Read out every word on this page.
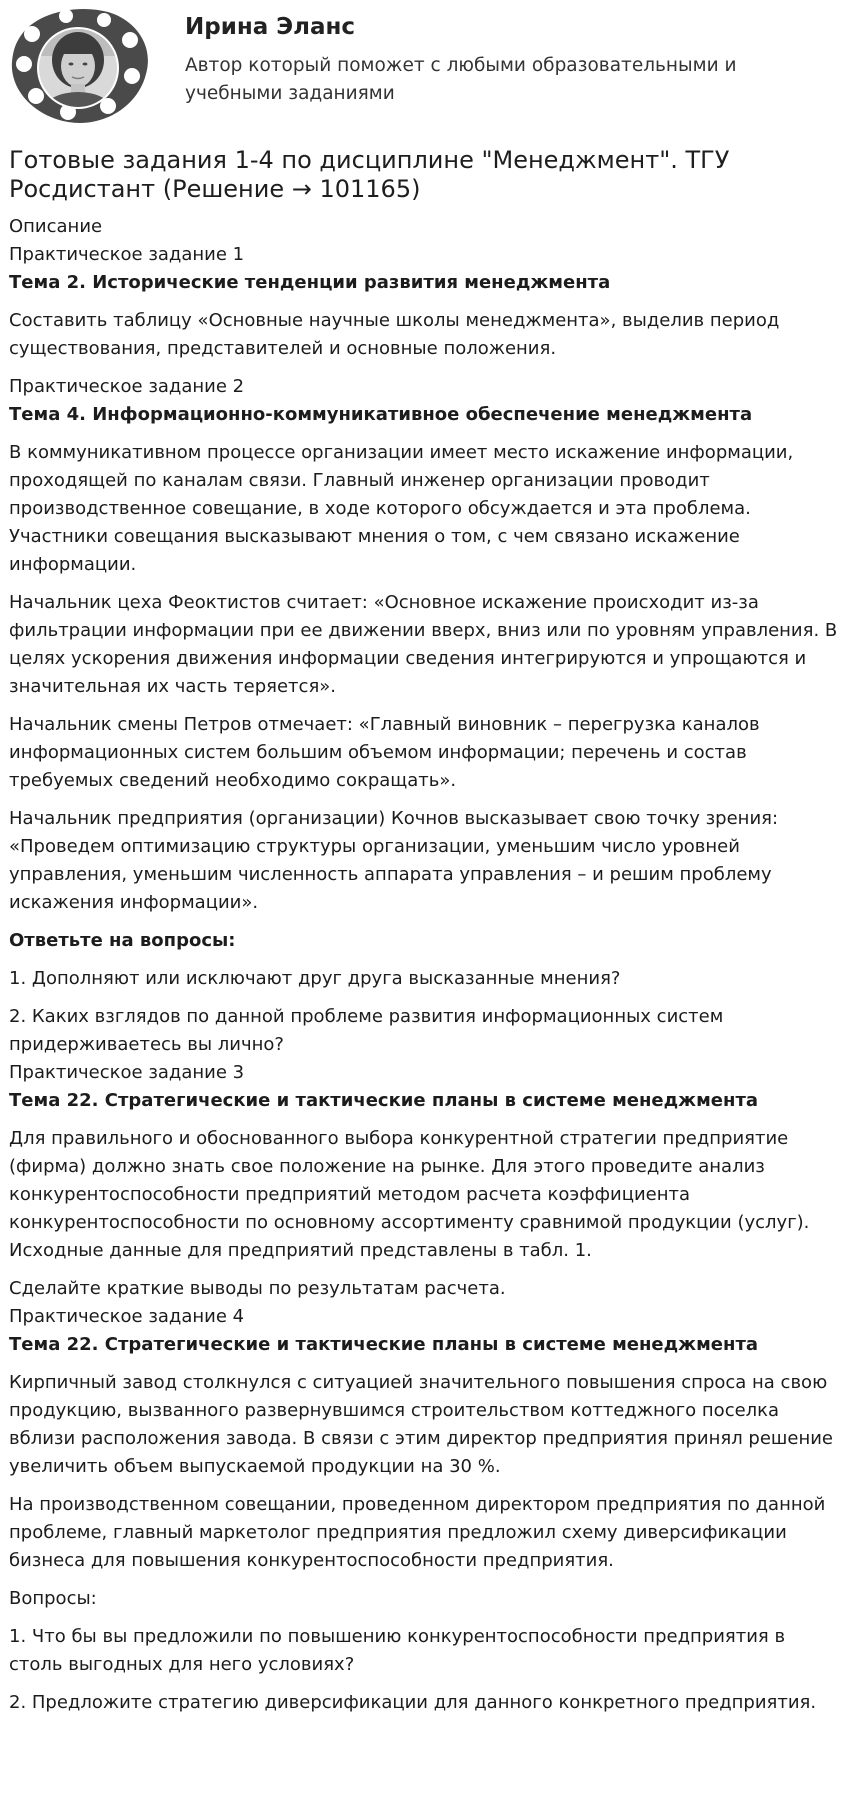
Ирина Эланс
Автор который поможет с любыми образовательными и учебными заданиями
Готовые задания 1-4 по дисциплине "Менеджмент". ТГУ Росдистант (Решение → 101165)

Описание

Практическое задание 1

Тема 2. Исторические тенденции развития менеджмента

Составить таблицу «Основные научные школы менеджмента», выделив период существования, представителей и основные положения.

Практическое задание 2

Тема 4. Информационно-коммуникативное обеспечение менеджмента

В коммуникативном процессе организации имеет место искажение информации, проходящей по каналам связи. Главный инженер организации проводит производственное совещание, в ходе которого обсуждается и эта проблема. Участники совещания высказывают мнения о том, с чем связано искажение информации.

Начальник цеха Феоктистов считает: «Основное искажение происходит из-за фильтрации информации при ее движении вверх, вниз или по уровням управления. В целях ускорения движения информации сведения интегрируются и упрощаются и значительная их часть теряется».

Начальник смены Петров отмечает: «Главный виновник – перегрузка каналов информационных систем большим объемом информации; перечень и состав требуемых сведений необходимо сокращать».

Начальник предприятия (организации) Кочнов высказывает свою точку зрения: «Проведем оптимизацию структуры организации, уменьшим число уровней управления, уменьшим численность аппарата управления – и решим проблему искажения информации».

Ответьте на вопросы:

1. Дополняют или исключают друг друга высказанные мнения?

2. Каких взглядов по данной проблеме развития информационных систем придерживаетесь вы лично?

Практическое задание 3

Тема 22. Стратегические и тактические планы в системе менеджмента

Для правильного и обоснованного выбора конкурентной стратегии предприятие (фирма) должно знать свое положение на рынке. Для этого проведите анализ конкурентоспособности предприятий методом расчета коэффициента конкурентоспособности по основному ассортименту сравнимой продукции (услуг). Исходные данные для предприятий представлены в табл. 1.

Сделайте краткие выводы по результатам расчета.

Практическое задание 4

Тема 22. Стратегические и тактические планы в системе менеджмента

Кирпичный завод столкнулся с ситуацией значительного повышения спроса на свою продукцию, вызванного развернувшимся строительством коттеджного поселка вблизи расположения завода. В связи с этим директор предприятия принял решение увеличить объем выпускаемой продукции на 30 %.

На производственном совещании, проведенном директором предприятия по данной проблеме, главный маркетолог предприятия предложил схему диверсификации бизнеса для повышения конкурентоспособности предприятия.

Вопросы:

1. Что бы вы предложили по повышению конкурентоспособности предприятия в столь выгодных для него условиях?

2. Предложите стратегию диверсификации для данного конкретного предприятия.
